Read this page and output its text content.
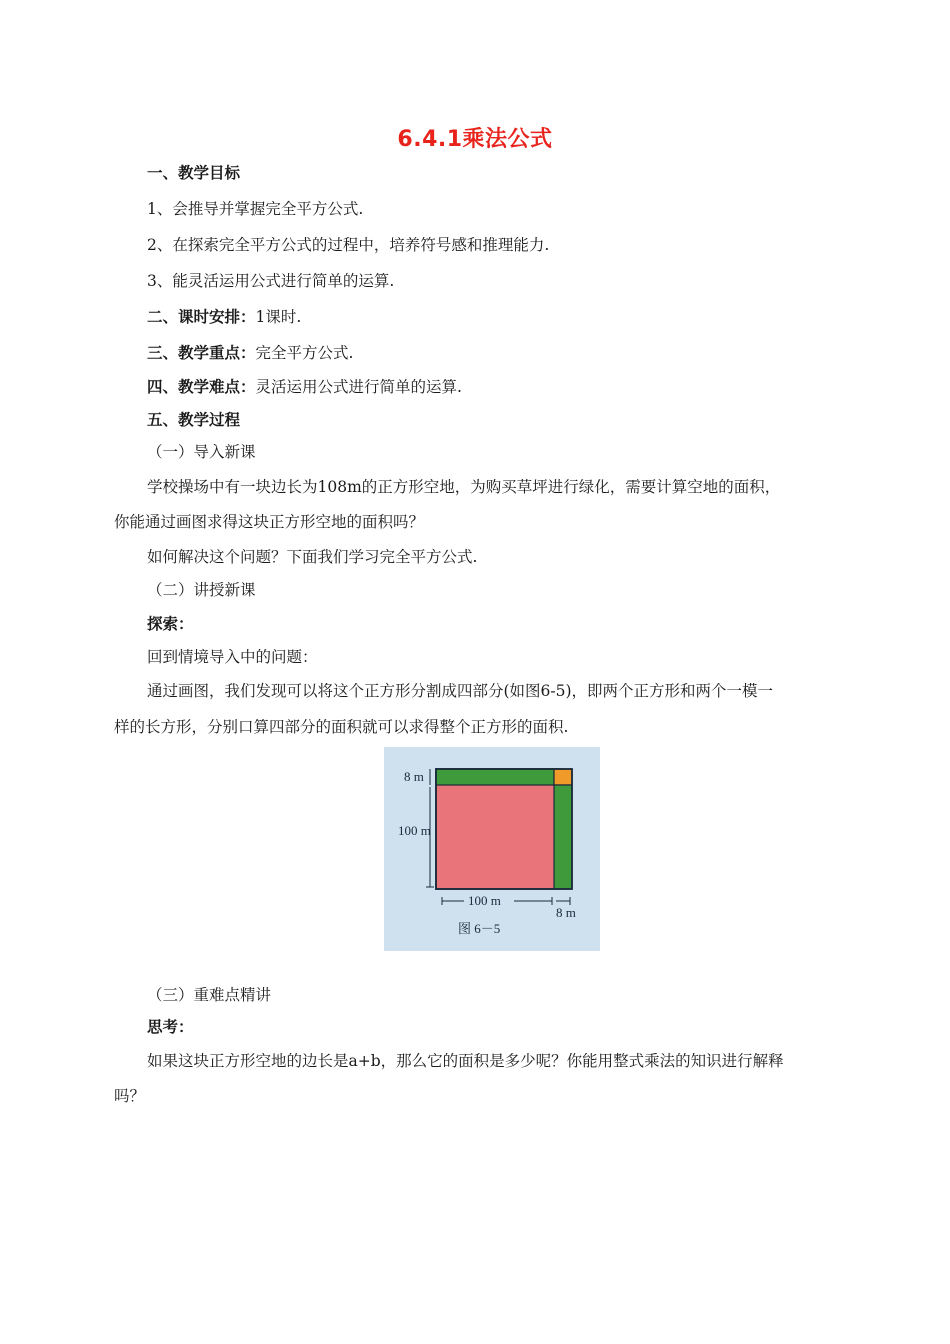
6.4.1乘法公式
一、教学目标
1、会推导并掌握完全平方公式.
2、在探索完全平方公式的过程中，培养符号感和推理能力.
3、能灵活运用公式进行简单的运算.
二、课时安排：1课时.
三、教学重点：完全平方公式.
四、教学难点：灵活运用公式进行简单的运算.
五、教学过程
（一）导入新课
学校操场中有一块边长为108m的正方形空地，为购买草坪进行绿化，需要计算空地的面积，
你能通过画图求得这块正方形空地的面积吗？
如何解决这个问题？下面我们学习完全平方公式.
（二）讲授新课
探索：
回到情境导入中的问题：
通过画图，我们发现可以将这个正方形分割成四部分(如图6-5)，即两个正方形和两个一模一
样的长方形，分别口算四部分的面积就可以求得整个正方形的面积.
8 m
100 m
100 m
8 m
图 6－5
（三）重难点精讲
思考：
如果这块正方形空地的边长是a+b，那么它的面积是多少呢？你能用整式乘法的知识进行解释
吗？
